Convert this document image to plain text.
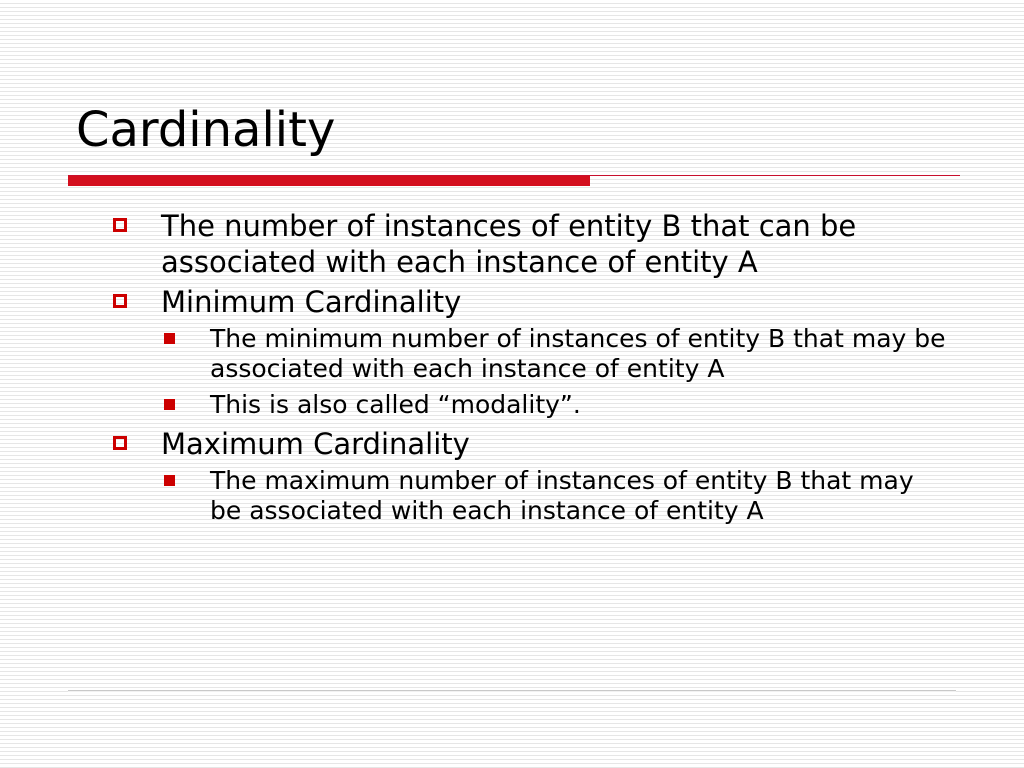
Cardinality
The number of instances of entity B that can be associated with each instance of entity A
Minimum Cardinality
The minimum number of instances of entity B that may be associated with each instance of entity A
This is also called “modality”.
Maximum Cardinality
The maximum number of instances of entity B that may be associated with each instance of entity A
